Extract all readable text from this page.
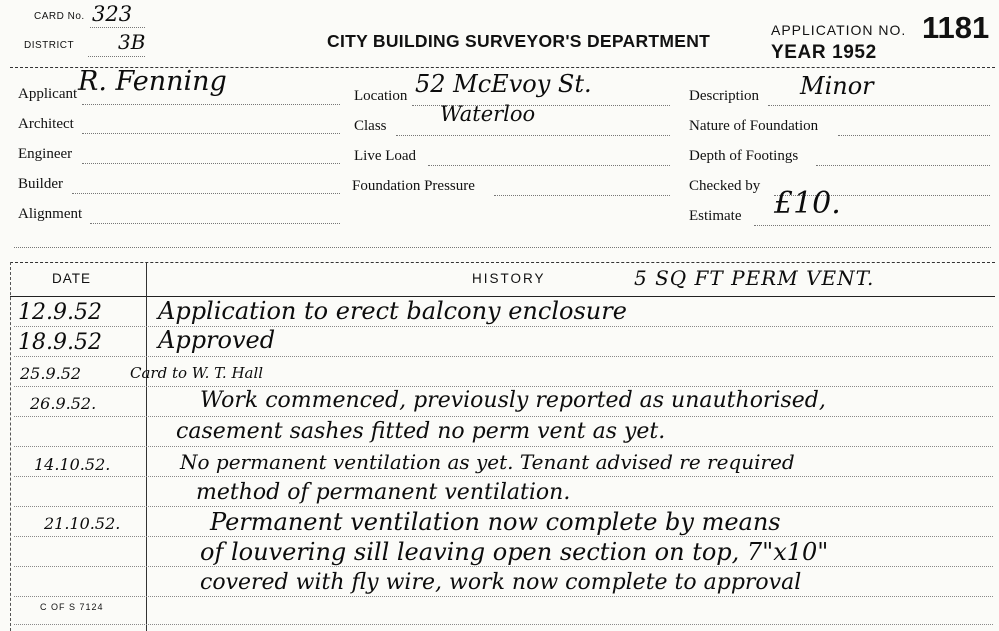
CARD No. 323
DISTRICT 3B	CITY BUILDING SURVEYOR'S DEPARTMENT
APPLICATION NO. 1181
YEAR 1952
Applicant R. Fenning
Architect
Engineer
Builder
Alignment
Location 52 McEvoy St.
Class	Waterloo
Live Load
Foundation Pressure
Description Minor
Nature of Foundation
Depth of Footings
Checked by
Estimate £10.
DATE	HISTORY	5 SQ FT PERM VENT.
12.9.52 Application to erect balcony enclosure
18.9.52 Approved
25.9.52	Card to W. T. Hall
26.9.52.	Work commenced, previously reported as unauthorised,
casement sashes fitted no perm vent as yet.
14.10.52.	No permanent ventilation as yet. Tenant advised re required
method of permanent ventilation.
21.10.52.	Permanent ventilation now complete by means
of louvering sill leaving open section on top, 7"x10"
covered with fly wire, work now complete to approval
C OF S 7124
